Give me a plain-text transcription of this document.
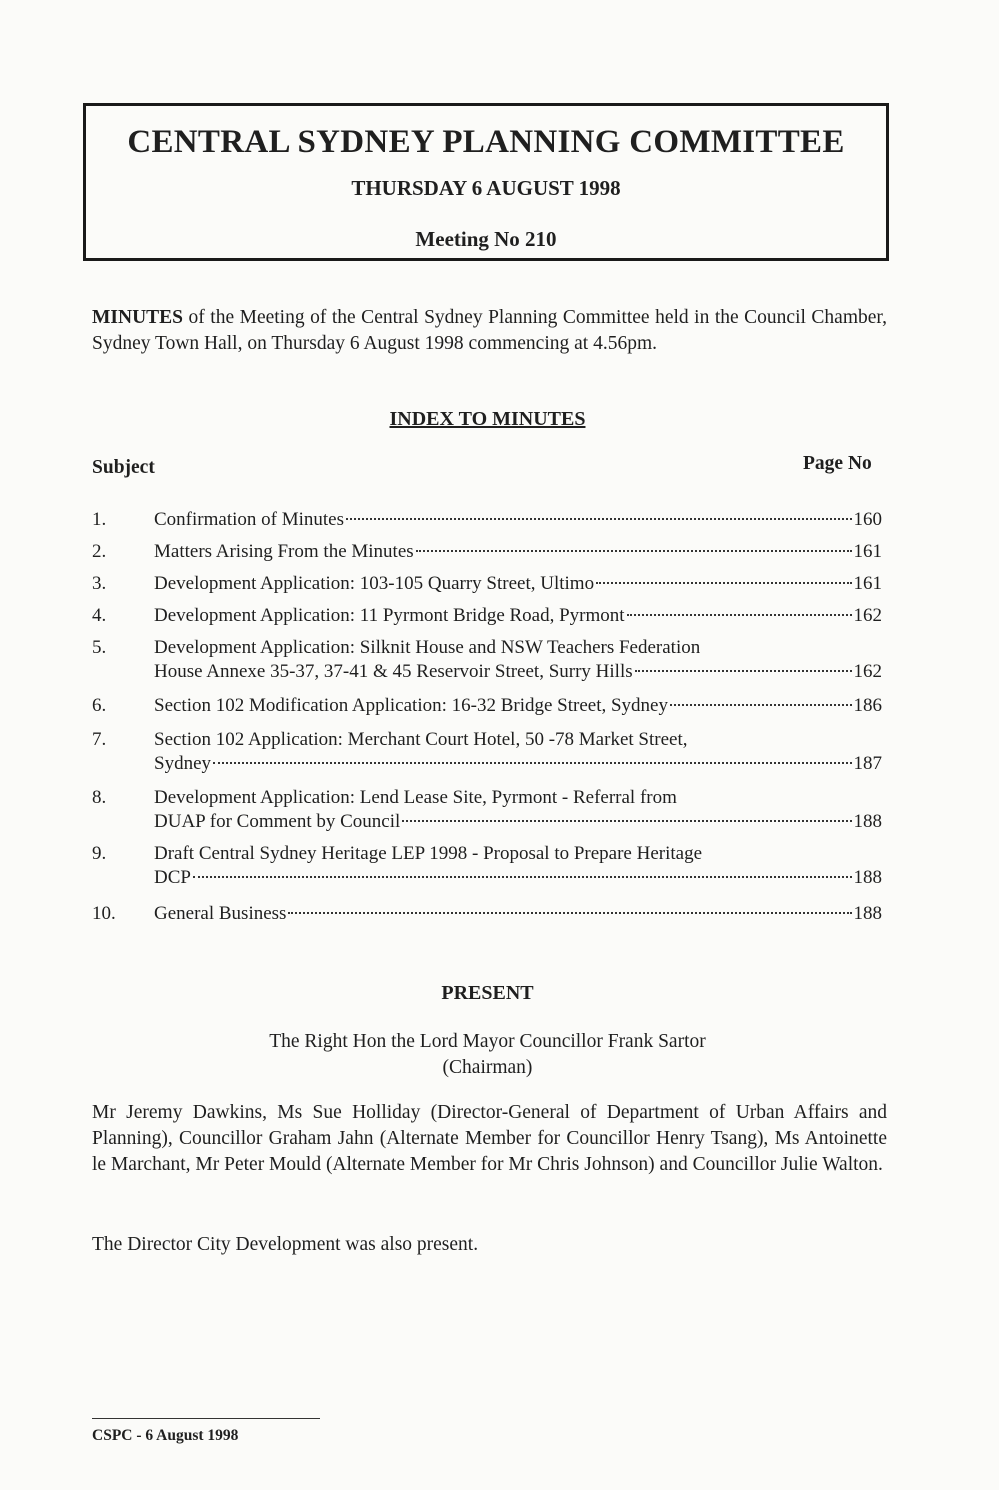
CENTRAL SYDNEY PLANNING COMMITTEE
THURSDAY 6 AUGUST 1998
Meeting No 210
MINUTES of the Meeting of the Central Sydney Planning Committee held in the Council Chamber, Sydney Town Hall, on Thursday 6 August 1998 commencing at 4.56pm.
INDEX TO MINUTES
Subject	Page No
1.	Confirmation of Minutes	160
2.	Matters Arising From the Minutes	161
3.	Development Application: 103-105 Quarry Street, Ultimo	161
4.	Development Application: 11 Pyrmont Bridge Road, Pyrmont	162
5.	Development Application: Silknit House and NSW Teachers Federation
House Annexe 35-37, 37-41 & 45 Reservoir Street, Surry Hills	162
6.	Section 102 Modification Application: 16-32 Bridge Street, Sydney	186
7.	Section 102 Application: Merchant Court Hotel, 50 -78 Market Street,
Sydney	187
8.	Development Application: Lend Lease Site, Pyrmont - Referral from
DUAP for Comment by Council	188
9.	Draft Central Sydney Heritage LEP 1998 - Proposal to Prepare Heritage
DCP	188
10.	General Business	188
PRESENT
The Right Hon the Lord Mayor Councillor Frank Sartor
(Chairman)
Mr Jeremy Dawkins, Ms Sue Holliday (Director-General of Department of Urban Affairs and Planning), Councillor Graham Jahn (Alternate Member for Councillor Henry Tsang), Ms Antoinette le Marchant, Mr Peter Mould (Alternate Member for Mr Chris Johnson) and Councillor Julie Walton.
The Director City Development was also present.
CSPC - 6 August 1998
